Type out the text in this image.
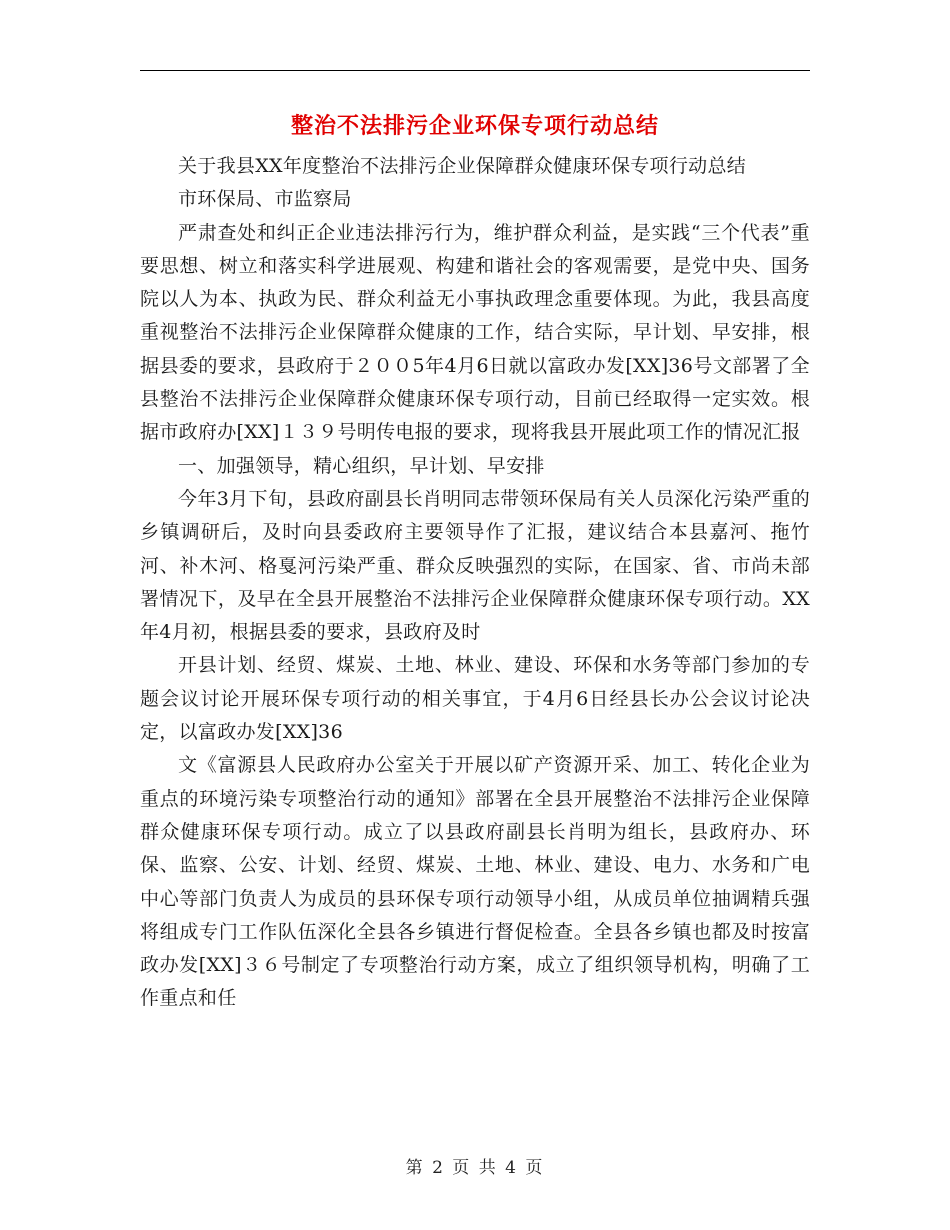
整治不法排污企业环保专项行动总结

关于我县XX年度整治不法排污企业保障群众健康环保专项行动总结

市环保局、市监察局

严肃查处和纠正企业违法排污行为，维护群众利益，是实践“三个代表”重要思想、树立和落实科学进展观、构建和谐社会的客观需要，是党中央、国务院以人为本、执政为民、群众利益无小事执政理念重要体现。为此，我县高度重视整治不法排污企业保障群众健康的工作，结合实际，早计划、早安排，根据县委的要求，县政府于２００5年4月6日就以富政办发[XX]36号文部署了全县整治不法排污企业保障群众健康环保专项行动，目前已经取得一定实效。根据市政府办[XX]１３９号明传电报的要求，现将我县开展此项工作的情况汇报

一、加强领导，精心组织，早计划、早安排

今年3月下旬，县政府副县长肖明同志带领环保局有关人员深化污染严重的乡镇调研后，及时向县委政府主要领导作了汇报，建议结合本县嘉河、拖竹河、补木河、格戛河污染严重、群众反映强烈的实际，在国家、省、市尚未部署情况下，及早在全县开展整治不法排污企业保障群众健康环保专项行动。XX年4月初，根据县委的要求，县政府及时

开县计划、经贸、煤炭、土地、林业、建设、环保和水务等部门参加的专题会议讨论开展环保专项行动的相关事宜，于4月6日经县长办公会议讨论决定，以富政办发[XX]36

文《富源县人民政府办公室关于开展以矿产资源开采、加工、转化企业为重点的环境污染专项整治行动的通知》部署在全县开展整治不法排污企业保障群众健康环保专项行动。成立了以县政府副县长肖明为组长，县政府办、环保、监察、公安、计划、经贸、煤炭、土地、林业、建设、电力、水务和广电中心等部门负责人为成员的县环保专项行动领导小组，从成员单位抽调精兵强将组成专门工作队伍深化全县各乡镇进行督促检查。全县各乡镇也都及时按富政办发[XX]３６号制定了专项整治行动方案，成立了组织领导机构，明确了工作重点和任

第 2 页 共 4 页
